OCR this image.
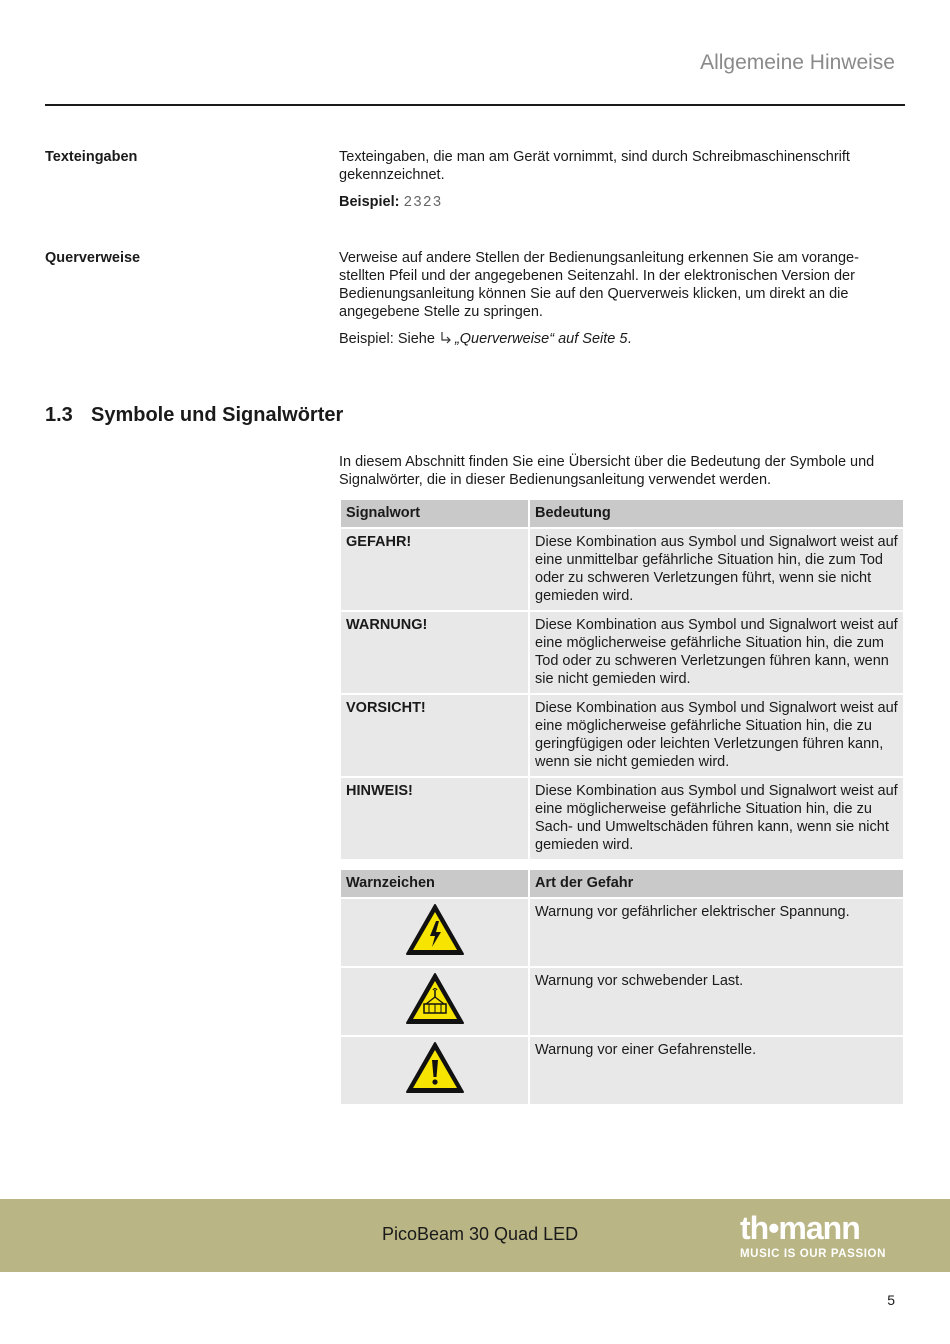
Allgemeine Hinweise
Texteingaben	Texteingaben, die man am Gerät vornimmt, sind durch Schreibmaschinenschrift gekennzeichnet.

Beispiel: 2323

Querverweise	Verweise auf andere Stellen der Bedienungsanleitung erkennen Sie am vorangestellten Pfeil und der angegebenen Seitenzahl. In der elektronischen Version der Bedienungsanleitung können Sie auf den Querverweis klicken, um direkt an die angegebene Stelle zu springen.

Beispiel: Siehe „Querverweise“ auf Seite 5.

1.3 Symbole und Signalwörter

In diesem Abschnitt finden Sie eine Übersicht über die Bedeutung der Symbole und Signalwörter, die in dieser Bedienungsanleitung verwendet werden.

Signalwort	Bedeutung
GEFAHR!	Diese Kombination aus Symbol und Signalwort weist auf eine unmittelbar gefährliche Situation hin, die zum Tod oder zu schweren Verletzungen führt, wenn sie nicht gemieden wird.
WARNUNG!	Diese Kombination aus Symbol und Signalwort weist auf eine möglicherweise gefährliche Situation hin, die zum Tod oder zu schweren Verletzungen führen kann, wenn sie nicht gemieden wird.
VORSICHT!	Diese Kombination aus Symbol und Signalwort weist auf eine möglicherweise gefährliche Situation hin, die zu geringfügigen oder leichten Verletzungen führen kann, wenn sie nicht gemieden wird.
HINWEIS!	Diese Kombination aus Symbol und Signalwort weist auf eine möglicherweise gefährliche Situation hin, die zu Sach- und Umweltschäden führen kann, wenn sie nicht gemieden wird.
Warnzeichen	Art der Gefahr
	Warnung vor gefährlicher elektrischer Spannung.
	Warnung vor schwebender Last.
	Warnung vor einer Gefahrenstelle.
PicoBeam 30 Quad LED	th•mann
MUSIC IS OUR PASSION
5
